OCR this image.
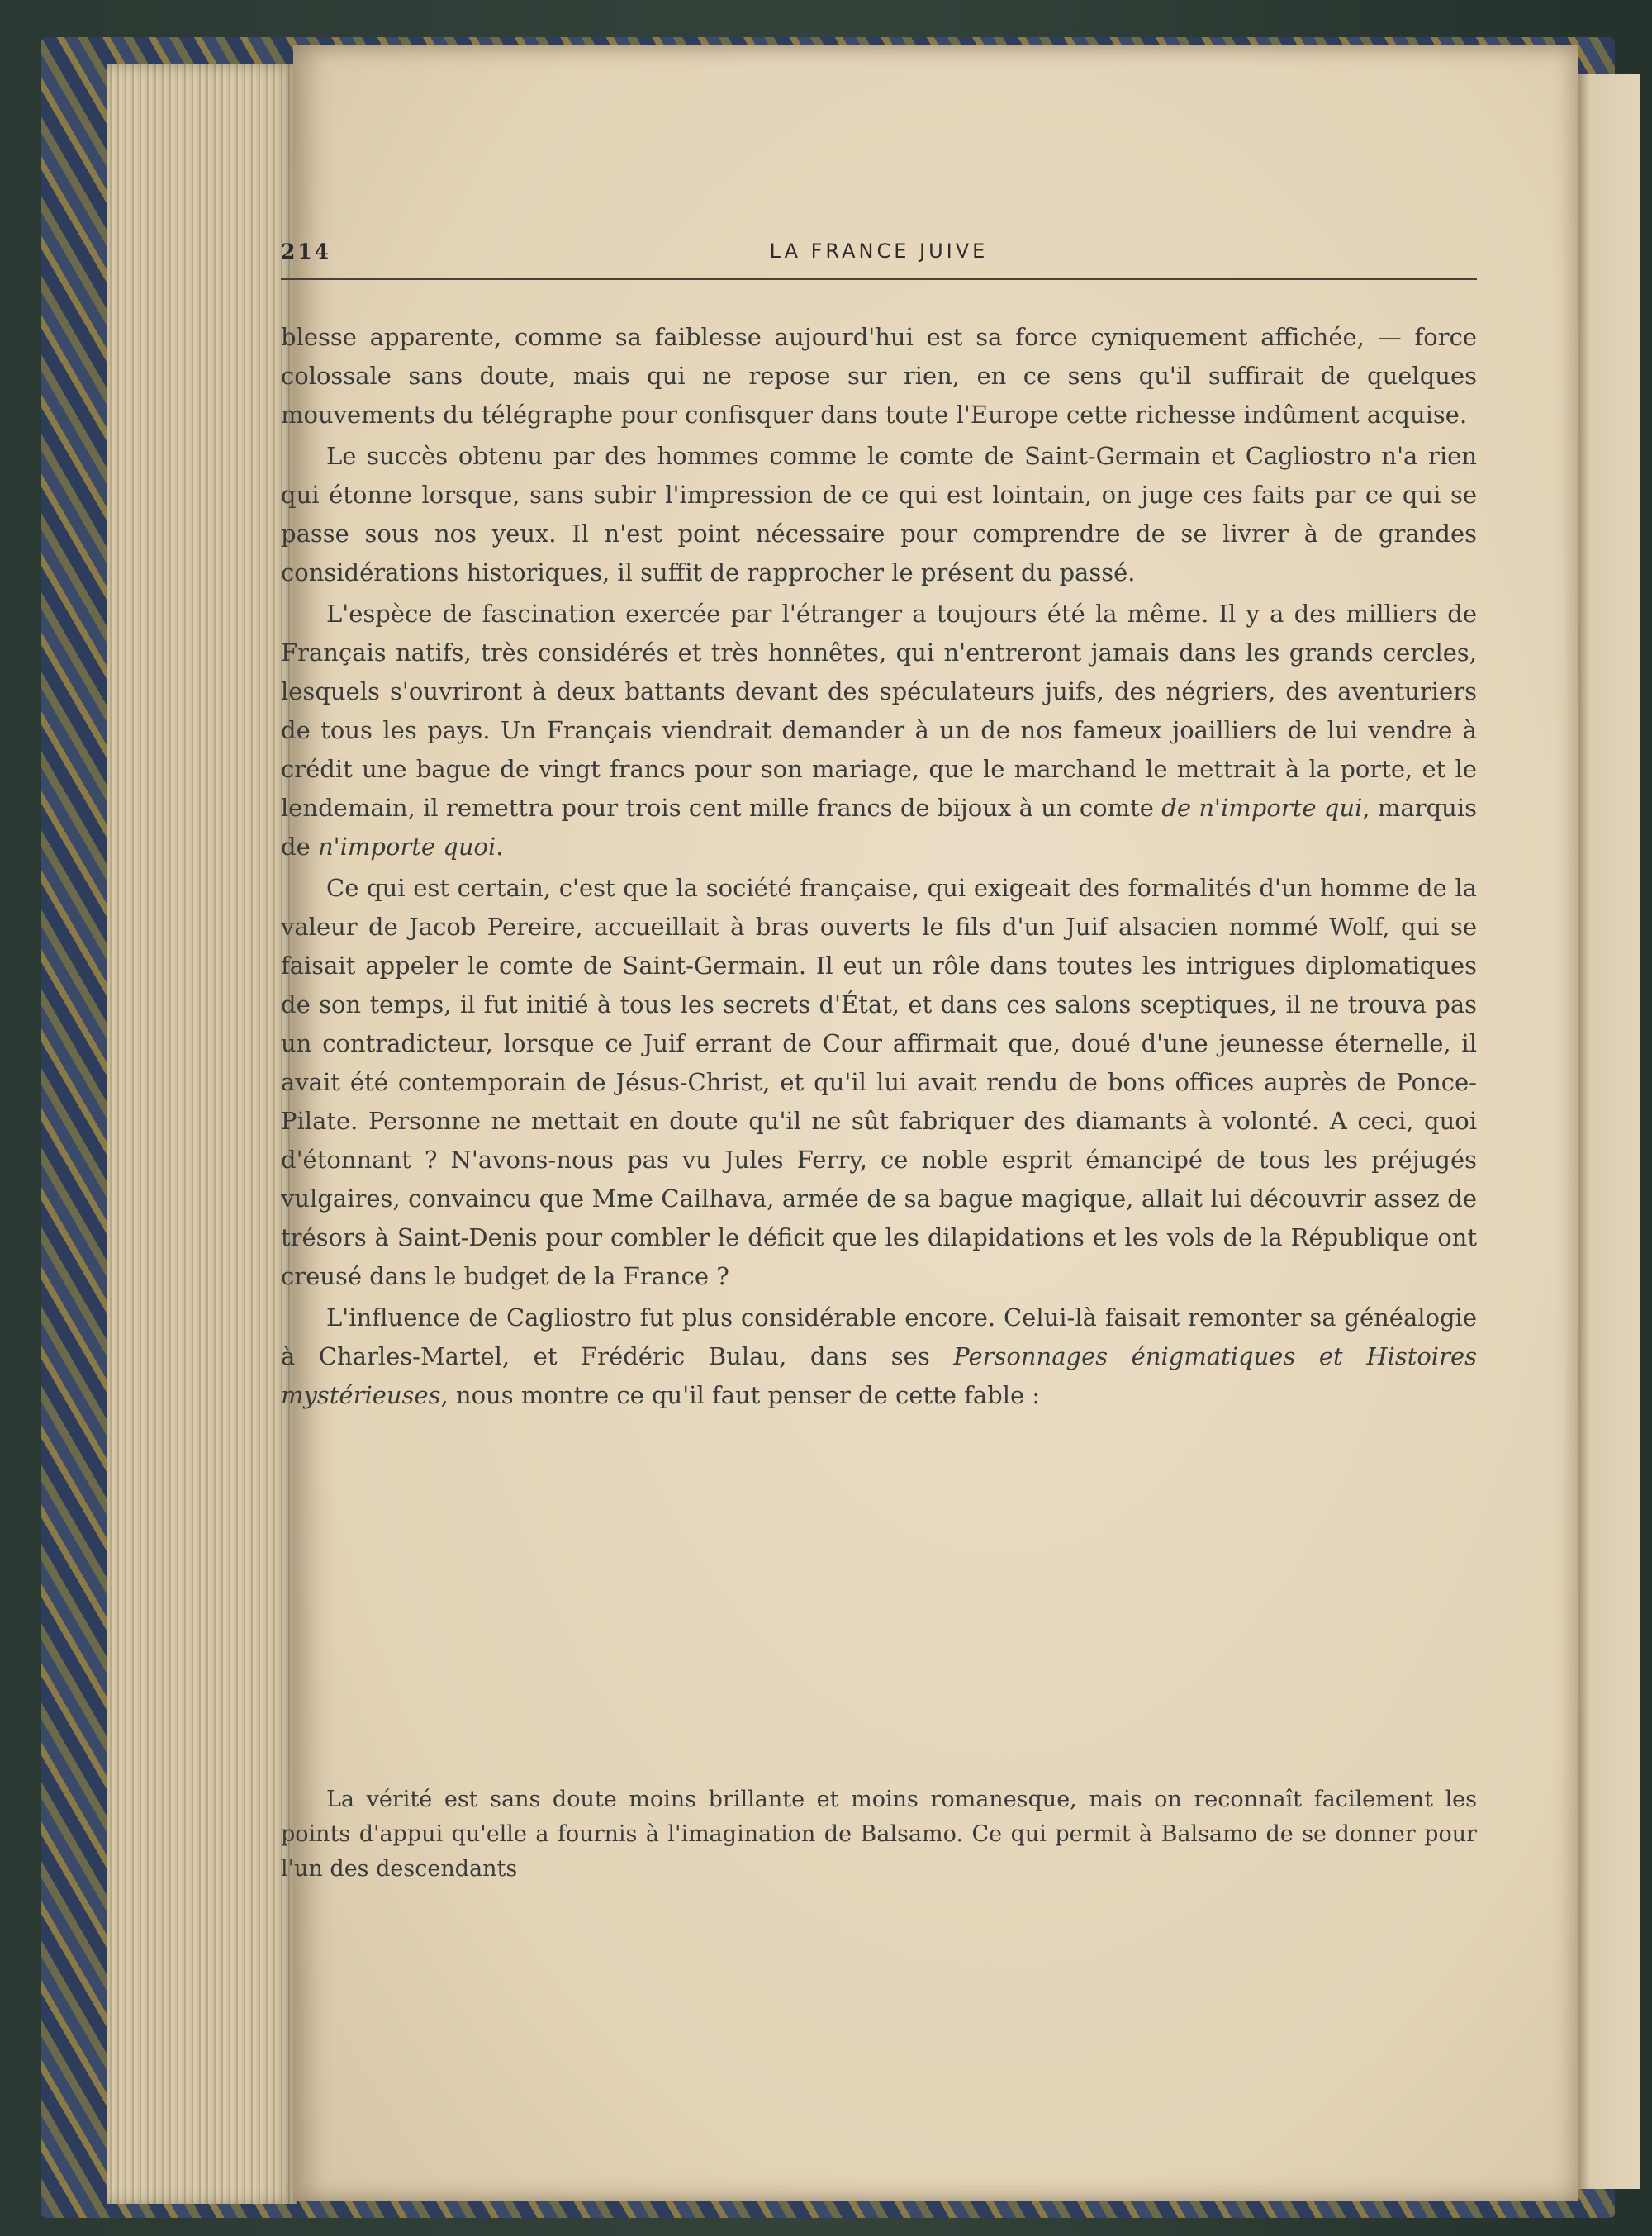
214	LA FRANCE JUIVE

blesse apparente, comme sa faiblesse aujourd'hui est sa force cyniquement affichée, — force colossale sans doute, mais qui ne repose sur rien, en ce sens qu'il suffirait de quelques mouvements du télégraphe pour confisquer dans toute l'Europe cette richesse indûment acquise.

Le succès obtenu par des hommes comme le comte de Saint-Germain et Cagliostro n'a rien qui étonne lorsque, sans subir l'impression de ce qui est lointain, on juge ces faits par ce qui se passe sous nos yeux. Il n'est point nécessaire pour comprendre de se livrer à de grandes considérations historiques, il suffit de rapprocher le présent du passé.

L'espèce de fascination exercée par l'étranger a toujours été la même. Il y a des milliers de Français natifs, très considérés et très honnêtes, qui n'entreront jamais dans les grands cercles, lesquels s'ouvriront à deux battants devant des spéculateurs juifs, des négriers, des aventuriers de tous les pays. Un Français viendrait demander à un de nos fameux joailliers de lui vendre à crédit une bague de vingt francs pour son mariage, que le marchand le mettrait à la porte, et le lendemain, il remettra pour trois cent mille francs de bijoux à un comte de n'importe qui, marquis de n'importe quoi.

Ce qui est certain, c'est que la société française, qui exigeait des formalités d'un homme de la valeur de Jacob Pereire, accueillait à bras ouverts le fils d'un Juif alsacien nommé Wolf, qui se faisait appeler le comte de Saint-Germain. Il eut un rôle dans toutes les intrigues diplomatiques de son temps, il fut initié à tous les secrets d'État, et dans ces salons sceptiques, il ne trouva pas un contradicteur, lorsque ce Juif errant de Cour affirmait que, doué d'une jeunesse éternelle, il avait été contemporain de Jésus-Christ, et qu'il lui avait rendu de bons offices auprès de Ponce-Pilate. Personne ne mettait en doute qu'il ne sût fabriquer des diamants à volonté. A ceci, quoi d'étonnant ? N'avons-nous pas vu Jules Ferry, ce noble esprit émancipé de tous les préjugés vulgaires, convaincu que Mme Cailhava, armée de sa bague magique, allait lui découvrir assez de trésors à Saint-Denis pour combler le déficit que les dilapidations et les vols de la République ont creusé dans le budget de la France ?

L'influence de Cagliostro fut plus considérable encore. Celui-là faisait remonter sa généalogie à Charles-Martel, et Frédéric Bulau, dans ses Personnages énigmatiques et Histoires mystérieuses, nous montre ce qu'il faut penser de cette fable :

La vérité est sans doute moins brillante et moins romanesque, mais on reconnaît facilement les points d'appui qu'elle a fournis à l'imagination de Balsamo. Ce qui permit à Balsamo de se donner pour l'un des descendants
